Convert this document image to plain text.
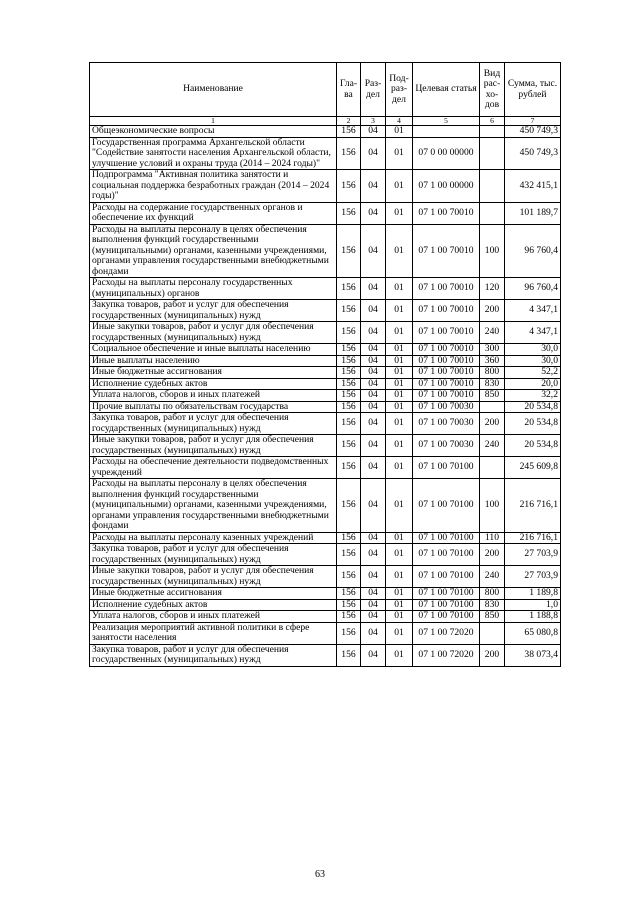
Наименование	Гла-ва	Раз-дел	Под-раз-дел	Целевая статья	Вид рас-хо-дов	Сумма, тыс. рублей
1	2	3	4	5	6	7
Общеэкономические вопросы	156	04	01			450 749,3
Государственная программа Архангельской области "Содействие занятости населения Архангельской области, улучшение условий и охраны труда (2014 – 2024 годы)"	156	04	01	07 0 00 00000		450 749,3
Подпрограмма "Активная политика занятости и социальная поддержка безработных граждан (2014 – 2024 годы)"	156	04	01	07 1 00 00000		432 415,1
Расходы на содержание государственных органов и обеспечение их функций	156	04	01	07 1 00 70010		101 189,7
Расходы на выплаты персоналу в целях обеспечения выполнения функций государственными (муниципальными) органами, казенными учреждениями, органами управления государственными внебюджетными фондами	156	04	01	07 1 00 70010	100	96 760,4
Расходы на выплаты персоналу государственных (муниципальных) органов	156	04	01	07 1 00 70010	120	96 760,4
Закупка товаров, работ и услуг для обеспечения государственных (муниципальных) нужд	156	04	01	07 1 00 70010	200	4 347,1
Иные закупки товаров, работ и услуг для обеспечения государственных (муниципальных) нужд	156	04	01	07 1 00 70010	240	4 347,1
Социальное обеспечение и иные выплаты населению	156	04	01	07 1 00 70010	300	30,0
Иные выплаты населению	156	04	01	07 1 00 70010	360	30,0
Иные бюджетные ассигнования	156	04	01	07 1 00 70010	800	52,2
Исполнение судебных актов	156	04	01	07 1 00 70010	830	20,0
Уплата налогов, сборов и иных платежей	156	04	01	07 1 00 70010	850	32,2
Прочие выплаты по обязательствам государства	156	04	01	07 1 00 70030		20 534,8
Закупка товаров, работ и услуг для обеспечения государственных (муниципальных) нужд	156	04	01	07 1 00 70030	200	20 534,8
Иные закупки товаров, работ и услуг для обеспечения государственных (муниципальных) нужд	156	04	01	07 1 00 70030	240	20 534,8
Расходы на обеспечение деятельности подведомственных учреждений	156	04	01	07 1 00 70100		245 609,8
Расходы на выплаты персоналу в целях обеспечения выполнения функций государственными (муниципальными) органами, казенными учреждениями, органами управления государственными внебюджетными фондами	156	04	01	07 1 00 70100	100	216 716,1
Расходы на выплаты персоналу казенных учреждений	156	04	01	07 1 00 70100	110	216 716,1
Закупка товаров, работ и услуг для обеспечения государственных (муниципальных) нужд	156	04	01	07 1 00 70100	200	27 703,9
Иные закупки товаров, работ и услуг для обеспечения государственных (муниципальных) нужд	156	04	01	07 1 00 70100	240	27 703,9
Иные бюджетные ассигнования	156	04	01	07 1 00 70100	800	1 189,8
Исполнение судебных актов	156	04	01	07 1 00 70100	830	1,0
Уплата налогов, сборов и иных платежей	156	04	01	07 1 00 70100	850	1 188,8
Реализация мероприятий активной политики в сфере занятости населения	156	04	01	07 1 00 72020		65 080,8
Закупка товаров, работ и услуг для обеспечения государственных (муниципальных) нужд	156	04	01	07 1 00 72020	200	38 073,4
63
